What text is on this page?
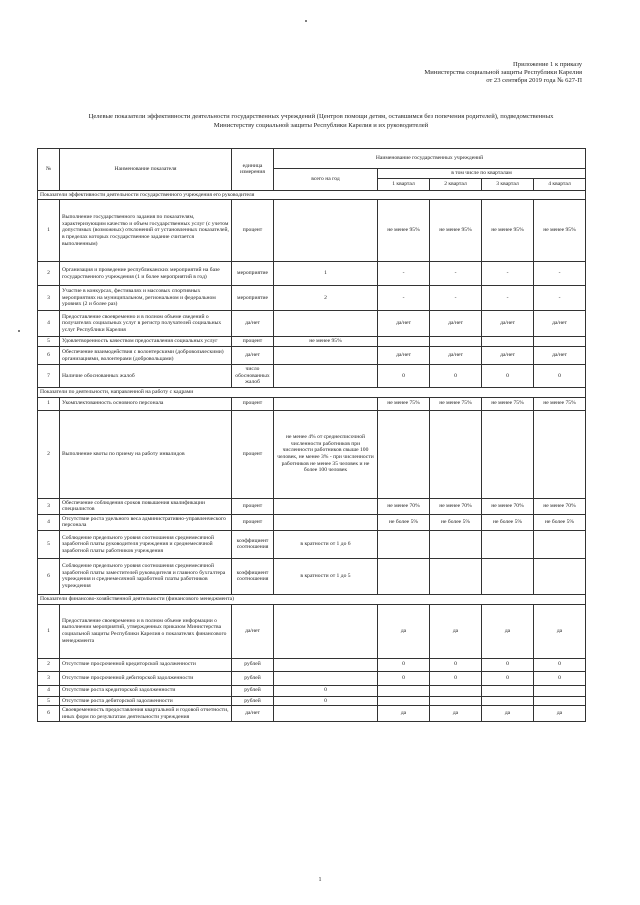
Приложение 1 к приказу
Министерства социальной защиты Республики Карелия
от 23 сентября 2019 года № 627-П
Целевые показатели эффективности деятельности государственных учреждений (Центров помощи детям, оставшимся без попечения родителей), подведомственных
Министерству социальной защиты Республики Карелия и их руководителей
№	Наименование показателя	единица измерения	Наименование государственных учреждений				
			всего на год	в том числе по кварталам			
				1 квартал	2 квартал	3 квартал	4 квартал
Показатели эффективности деятельности государственного учреждения его руководителя							
1	Выполнение государственного задания по показателям, характеризующим качество и объем государственных услуг (с учетом допустимых (возможных) отклонений от установленных показателей, в пределах которых государственное задание считается выполненным)	процент		не менее 95%	не менее 95%	не менее 95%	не менее 95%
2	Организация и проведение республиканских мероприятий на базе государственного учреждения (1 и более мероприятий в год)	мероприятие	1	-	-	-	-
3	Участие в конкурсах, фестивалях и массовых спортивных мероприятиях на муниципальном, региональном и федеральном уровнях (2 и более раз)	мероприятие	2	-	-	-	-
4	Предоставление своевременно и в полном объеме сведений о получателях социальных услуг в регистр получателей социальных услуг Республики Карелия	да/нет		да/нет	да/нет	да/нет	да/нет
5	Удовлетворенность качеством предоставления социальных услуг	процент	не менее 95%				
6	Обеспечение взаимодействия с волонтерскими (добровольческими) организациями, волонтерами (добровольцами)	да/нет		да/нет	да/нет	да/нет	да/нет
7	Наличие обоснованных жалоб	число обоснованных жалоб		0	0	0	0
Показатели по деятельности, направленной на работу с кадрами							
1	Укомплектованность основного персонала	процент		не менее 75%	не менее 75%	не менее 75%	не менее 75%
2	Выполнение квоты по приему на работу инвалидов	процент	не менее 4% от среднесписочной численности работников при численности работников свыше 100 человек, не менее 3% - при численности работников не менее 35 человек и не более 100 человек				
3	Обеспечение соблюдения сроков повышения квалификации специалистов	процент		не менее 70%	не менее 70%	не менее 70%	не менее 70%
4	Отсутствие роста удельного веса административно-управленческого персонала	процент		не более 5%	не более 5%	не более 5%	не более 5%
5	Соблюдение предельного уровня соотношения среднемесячной заработной платы руководителя учреждения и среднемесячной заработной платы работников учреждения	коэффициент соотношения	в кратности от 1 до 6				
6	Соблюдение предельного уровня соотношения среднемесячной заработной платы заместителей руководителя и главного бухгалтера учреждения и среднемесячной заработной платы работников учреждения	коэффициент соотношения	в кратности от 1 до 5				
Показатели финансово-хозяйственной деятельности (финансового менеджмента)							
1	Предоставление своевременно и в полном объеме информации о выполнении мероприятий, утвержденных приказом Министерства социальной защиты Республики Карелия о показателях финансового менеджмента	да/нет		да	да	да	да
2	Отсутствие просроченной кредиторской задолженности	рублей		0	0	0	0
3	Отсутствие просроченной дебиторской задолженности	рублей		0	0	0	0
4	Отсутствие роста кредиторской задолженности	рублей	0				
5	Отсутствие роста дебиторской задолженности	рублей	0				
6	Своевременность предоставления квартальной и годовой отчетности, иных форм по результатам деятельности учреждения	да/нет		да	да	да	да
1
